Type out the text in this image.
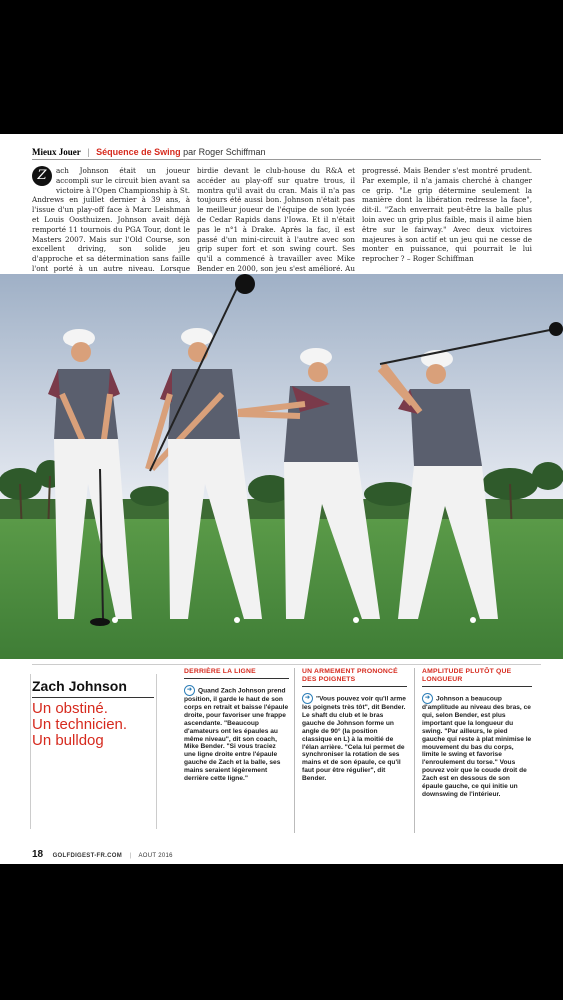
Mieux Jouer | Séquence de Swing par Roger Schiffman
Z	ach Johnson était un joueur accompli sur le circuit bien avant sa victoire à l'Open Championship à St. Andrews en juillet dernier à 39 ans, à l'issue d'un play-off face à Marc Leishman et Louis Oosthuizen. Johnson avait déjà remporté 11 tournois du PGA Tour, dont le Masters 2007. Mais sur l'Old Course, son excellent driving, son solide jeu d'approche et sa détermination sans faille l'ont porté à un autre niveau. Lorsque
birdie devant le club-house du R&A et accéder au play-off sur quatre trous, il montra qu'il avait du cran. Mais il n'a pas toujours été aussi bon. Johnson n'était pas le meilleur joueur de l'équipe de son lycée de Cedar Rapids dans l'Iowa. Et il n'était pas le n°1 à Drake. Après la fac, il est passé d'un mini-circuit à l'autre avec son grip super fort et son swing court. Ses qu'il a commencé à travailler avec Mike Bender en 2000, son jeu s'est amélioré. Au
progressé. Mais Bender s'est montré prudent. Par exemple, il n'a jamais cherché à changer ce grip. "Le grip détermine seulement la manière dont la libération redresse la face", dit-il. "Zach enverrait peut-être la balle plus loin avec un grip plus faible, mais il aime bien être sur le fairway." Avec deux victoires majeures à son actif et un jeu qui ne cesse de monter en puissance, qui pourrait le lui reprocher ? – Roger Schiffman
Zach Johnson
Un obstiné.
Un technicien.
Un bulldog
DERRIÈRE LA LIGNE
➜ Quand Zach Johnson prend position, il garde le haut de son corps en retrait et baisse l'épaule droite, pour favoriser une frappe ascendante. "Beaucoup d'amateurs ont les épaules au même niveau", dit son coach, Mike Bender. "Si vous traciez une ligne droite entre l'épaule gauche de Zach et la balle, ses mains seraient légèrement derrière cette ligne."
UN ARMEMENT PRONONCÉ DES POIGNETS
➜ "Vous pouvez voir qu'il arme les poignets très tôt", dit Bender. Le shaft du club et le bras gauche de Johnson forme un angle de 90° (la position classique en L) à la moitié de l'élan arrière. "Cela lui permet de synchroniser la rotation de ses mains et de son épaule, ce qu'il faut pour être régulier", dit Bender.
AMPLITUDE PLUTÔT QUE LONGUEUR
➜ Johnson a beaucoup d'amplitude au niveau des bras, ce qui, selon Bender, est plus important que la longueur du swing. "Par ailleurs, le pied gauche qui reste à plat minimise le mouvement du bas du corps, limite le swing et favorise l'enroulement du torse." Vous pouvez voir que le coude droit de Zach est en dessous de son épaule gauche, ce qui initie un downswing de l'intérieur.
18 GOLFDIGEST-FR.COM | AOUT 2016
